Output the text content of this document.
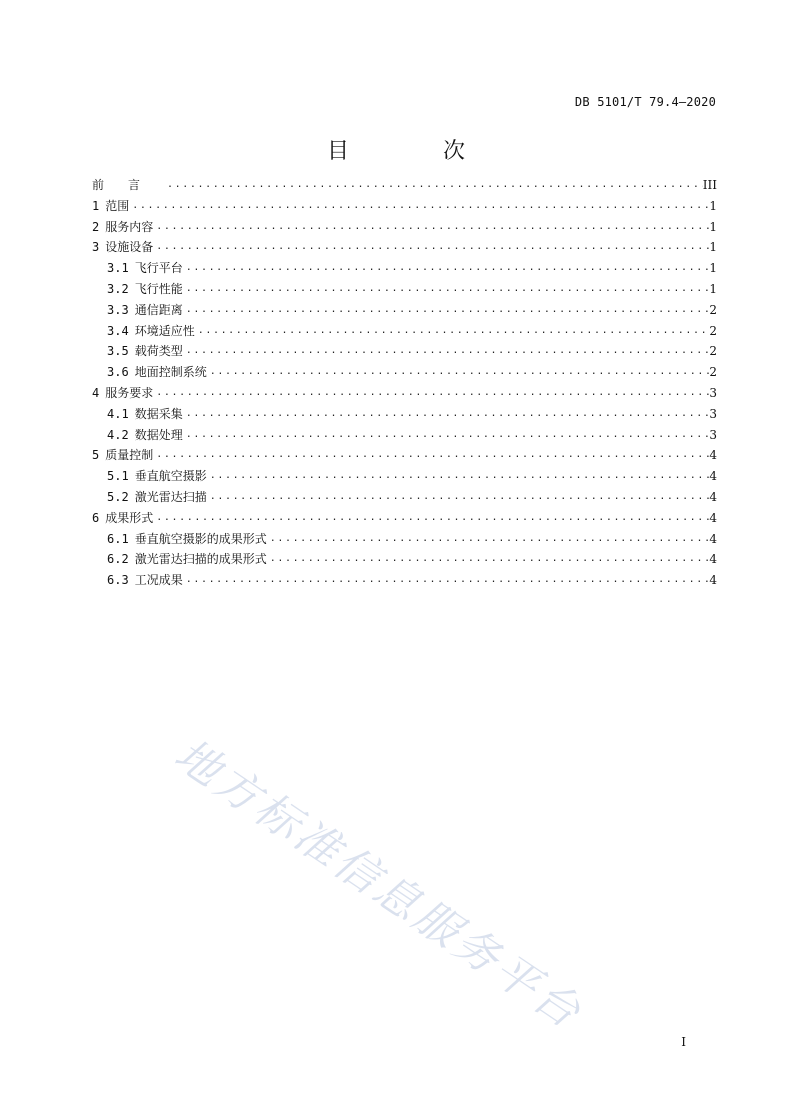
DB 5101/T 79.4—2020
目　次
前言 .....	III
1 范围 .....	1
2 服务内容 .....	1
3 设施设备 .....	1
3.1 飞行平台 .....	1
3.2 飞行性能 .....	1
3.3 通信距离 .....	2
3.4 环境适应性 .....	2
3.5 载荷类型 .....	2
3.6 地面控制系统 .....	2
4 服务要求 .....	3
4.1 数据采集 .....	3
4.2 数据处理 .....	3
5 质量控制 .....	4
5.1 垂直航空摄影 .....	4
5.2 激光雷达扫描 .....	4
6 成果形式 .....	4
6.1 垂直航空摄影的成果形式 .....	4
6.2 激光雷达扫描的成果形式 .....	4
6.3 工况成果 .....	4
地方标准信息服务平台
I
